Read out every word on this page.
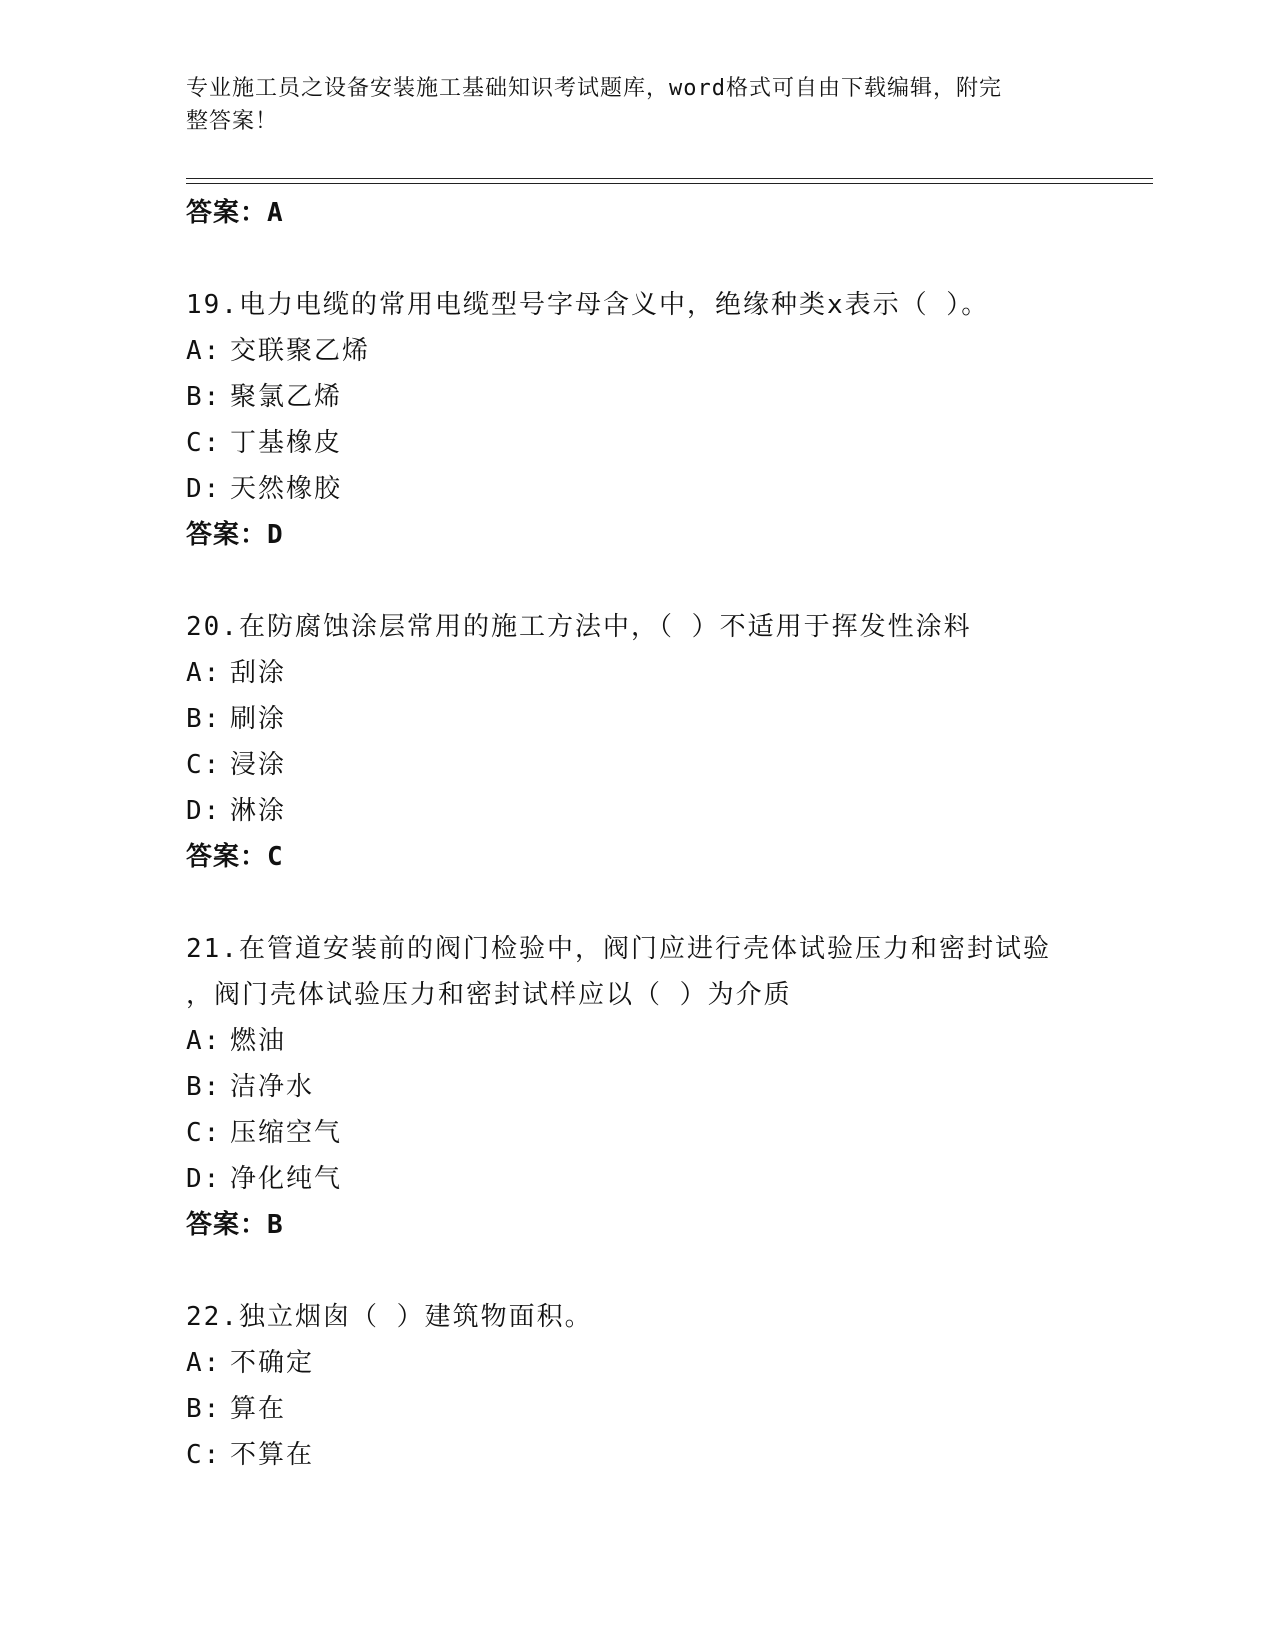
专业施工员之设备安装施工基础知识考试题库，word格式可自由下载编辑，附完
整答案！
答案：A
19.电力电缆的常用电缆型号字母含义中，绝缘种类x表示（ ）。
A: 交联聚乙烯
B: 聚氯乙烯
C: 丁基橡皮
D: 天然橡胶
答案：D
20.在防腐蚀涂层常用的施工方法中，（ ）不适用于挥发性涂料
A: 刮涂
B: 刷涂
C: 浸涂
D: 淋涂
答案：C
21.在管道安装前的阀门检验中，阀门应进行壳体试验压力和密封试验
，阀门壳体试验压力和密封试样应以（ ）为介质
A: 燃油
B: 洁净水
C: 压缩空气
D: 净化纯气
答案：B
22.独立烟囱（ ）建筑物面积。
A: 不确定
B: 算在
C: 不算在
